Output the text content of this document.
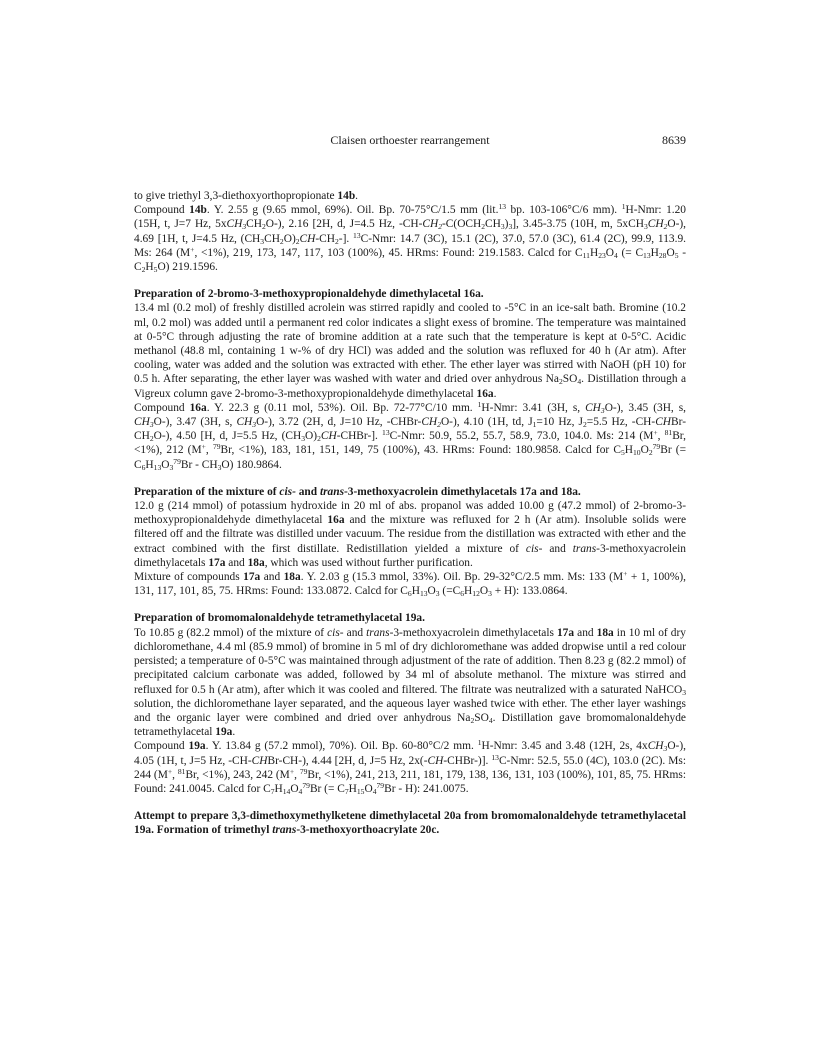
Claisen orthoester rearrangement	8639

to give triethyl 3,3-diethoxyorthopropionate 14b.

Compound 14b. Y. 2.55 g (9.65 mmol, 69%). Oil. Bp. 70-75°C/1.5 mm (lit.$^{13}$ bp. 103-106°C/6 mm). $^1$H-Nmr: 1.20 (15H, t, J=7 Hz, $5xCH_3CH_2O-$), 2.16 [2H, d, J=4.5 Hz, $-CH-CH_2-C(OCH_2CH_3)_3$], 3.45-3.75 (10H, m, $5xCH_3CH_2O-$), 4.69 [1H, t, J=4.5 Hz, $(CH_3CH_2O)_2CH-CH_2-$]. $^{13}$C-Nmr: 14.7 (3C), 15.1 (2C), 37.0, 57.0 (3C), 61.4 (2C), 99.9, 113.9. Ms: 264 (M+, <1%), 219, 173, 147, 117, 103 (100%), 45. HRms: Found: 219.1583. Calcd for $C_{11}H_{23}O_4$ (= $C_{13}H_{28}O_5 - C_2H_5O$) 219.1596.

Preparation of 2-bromo-3-methoxypropionaldehyde dimethylacetal 16a.

13.4 ml (0.2 mol) of freshly distilled acrolein was stirred rapidly and cooled to -5°C in an ice-salt bath. Bromine (10.2 ml, 0.2 mol) was added until a permanent red color indicates a slight exess of bromine. The temperature was maintained at 0-5°C through adjusting the rate of bromine addition at a rate such that the temperature is kept at 0-5°C. Acidic methanol (48.8 ml, containing 1 w-% of dry HCl) was added and the solution was refluxed for 40 h (Ar atm). After cooling, water was added and the solution was extracted with ether. The ether layer was stirred with NaOH (pH 10) for 0.5 h. After separating, the ether layer was washed with water and dried over anhydrous $Na_2SO_4$. Distillation through a Vigreux column gave 2-bromo-3-methoxypropionaldehyde dimethylacetal 16a.

Compound 16a. Y. 22.3 g (0.11 mol, 53%). Oil. Bp. 72-77°C/10 mm. $^1$H-Nmr: 3.41 (3H, s, $CH_3O-$), 3.45 (3H, s, $CH_3O-$), 3.47 (3H, s, $CH_3O-$), 3.72 (2H, d, J=10 Hz, $-CHBr-CH_2O-$), 4.10 (1H, td, $J_1=10$ Hz, $J_2=5.5$ Hz, $-CH-CHBr-CH_2O-$), 4.50 [H, d, J=5.5 Hz, $(CH_3O)_2CH-CHBr-$]. $^{13}$C-Nmr: 50.9, 55.2, 55.7, 58.9, 73.0, 104.0. Ms: 214 (M+, $^{81}$Br, <1%), 212 (M+, $^{79}$Br, <1%), 183, 181, 151, 149, 75 (100%), 43. HRms: Found: 180.9858. Calcd for $C_5H_{10}O_2^{79}Br$ (= $C_6H_{13}O_3^{79}Br - CH_3O$) 180.9864.

Preparation of the mixture of cis- and trans-3-methoxyacrolein dimethylacetals 17a and 18a.

12.0 g (214 mmol) of potassium hydroxide in 20 ml of abs. propanol was added 10.00 g (47.2 mmol) of 2-bromo-3-methoxypropionaldehyde dimethylacetal 16a and the mixture was refluxed for 2 h (Ar atm). Insoluble solids were filtered off and the filtrate was distilled under vacuum. The residue from the distillation was extracted with ether and the extract combined with the first distillate. Redistillation yielded a mixture of cis- and trans-3-methoxyacrolein dimethylacetals 17a and 18a, which was used without further purification.

Mixture of compounds 17a and 18a. Y. 2.03 g (15.3 mmol, 33%). Oil. Bp. 29-32°C/2.5 mm. Ms: 133 (M+ + 1, 100%), 131, 117, 101, 85, 75. HRms: Found: 133.0872. Calcd for $C_6H_{13}O_3$ $(=C_6H_{12}O_3 + H)$: 133.0864.

Preparation of bromomalonaldehyde tetramethylacetal 19a.

To 10.85 g (82.2 mmol) of the mixture of cis- and trans-3-methoxyacrolein dimethylacetals 17a and 18a in 10 ml of dry dichloromethane, 4.4 ml (85.9 mmol) of bromine in 5 ml of dry dichloromethane was added dropwise until a red colour persisted; a temperature of 0-5°C was maintained through adjustment of the rate of addition. Then 8.23 g (82.2 mmol) of precipitated calcium carbonate was added, followed by 34 ml of absolute methanol. The mixture was stirred and refluxed for 0.5 h (Ar atm), after which it was cooled and filtered. The filtrate was neutralized with a saturated NaHCO$_3$ solution, the dichloromethane layer separated, and the aqueous layer washed twice with ether. The ether layer washings and the organic layer were combined and dried over anhydrous $Na_2SO_4$. Distillation gave bromomalonaldehyde tetramethylacetal 19a.

Compound 19a. Y. 13.84 g (57.2 mmol), 70%). Oil. Bp. 60-80°C/2 mm. $^1$H-Nmr: 3.45 and 3.48 (12H, 2s, 4xCH$_3$O-), 4.05 (1H, t, J=5 Hz, -CH-CHBr-CH-), 4.44 [2H, d, J=5 Hz, 2x(-CH-CHBr-)]. $^{13}$C-Nmr: 52.5, 55.0 (4C), 103.0 (2C). Ms: 244 (M+, $^{81}$Br, <1%), 243, 242 (M+, $^{79}$Br, <1%), 241, 213, 211, 181, 179, 138, 136, 131, 103 (100%), 101, 85, 75. HRms: Found: 241.0045. Calcd for $C_7H_{14}O_4^{79}Br$ (= $C_7H_{15}O_4^{79}Br - H$): 241.0075.

Attempt to prepare 3,3-dimethoxymethylketene dimethylacetal 20a from bromomalonaldehyde tetramethylacetal 19a. Formation of trimethyl trans-3-methoxyorthoacrylate 20c.
